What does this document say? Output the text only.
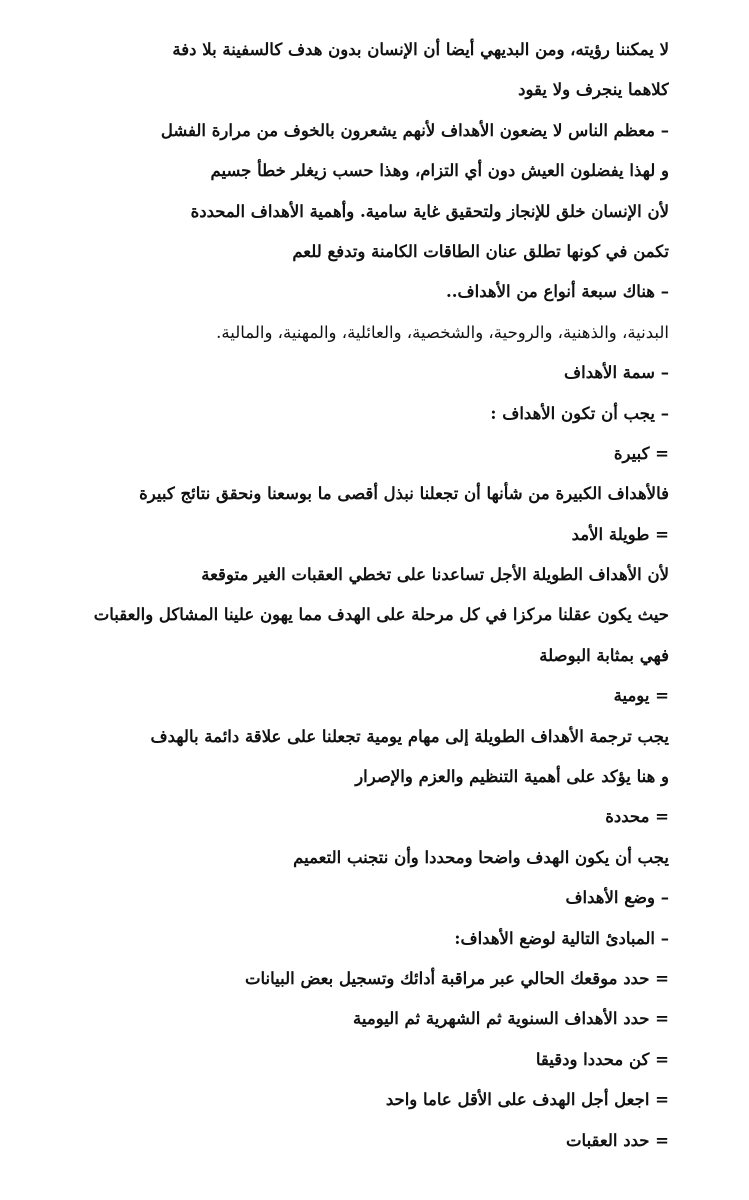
لا يمكننا رؤيته، ومن البديهي أيضا أن الإنسان بدون هدف كالسفينة بلا دفة
كلاهما ينجرف ولا يقود
– معظم الناس لا يضعون الأهداف لأنهم يشعرون بالخوف من مرارة الفشل
و لهذا يفضلون العيش دون أي التزام، وهذا حسب زيغلر خطأ جسيم
لأن الإنسان خلق للإنجاز ولتحقيق غاية سامية. وأهمية الأهداف المحددة
تكمن في كونها تطلق عنان الطاقات الكامنة وتدفع للعم
– هناك سبعة أنواع من الأهداف..
البدنية، والذهنية، والروحية، والشخصية، والعائلية، والمهنية، والمالية.
– سمة الأهداف
– يجب أن تكون الأهداف :
= كبيرة
فالأهداف الكبيرة من شأنها أن تجعلنا نبذل أقصى ما بوسعنا ونحقق نتائج كبيرة
= طويلة الأمد
لأن الأهداف الطويلة الأجل تساعدنا على تخطي العقبات الغير متوقعة
حيث يكون عقلنا مركزا في كل مرحلة على الهدف مما يهون علينا المشاكل والعقبات
فهي بمثابة البوصلة
= يومية
يجب ترجمة الأهداف الطويلة إلى مهام يومية تجعلنا على علاقة دائمة بالهدف
و هنا يؤكد على أهمية التنظيم والعزم والإصرار
= محددة
يجب أن يكون الهدف واضحا ومحددا وأن نتجنب التعميم
– وضع الأهداف
– المبادئ التالية لوضع الأهداف:
= حدد موقعك الحالي عبر مراقبة أدائك وتسجيل بعض البيانات
= حدد الأهداف السنوية ثم الشهرية ثم اليومية
= كن محددا ودقيقا
= اجعل أجل الهدف على الأقل عاما واحد
= حدد العقبات
